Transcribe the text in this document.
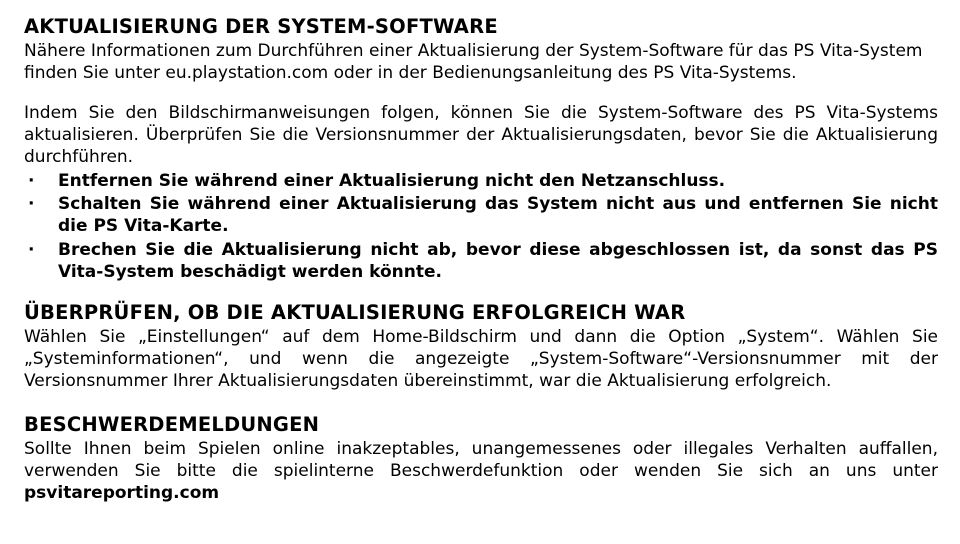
AKTUALISIERUNG DER SYSTEM-SOFTWARE

Nähere Informationen zum Durchführen einer Aktualisierung der System-Software für das PS Vita-System finden Sie unter eu.playstation.com oder in der Bedienungsanleitung des PS Vita-Systems.

Indem Sie den Bildschirmanweisungen folgen, können Sie die System-Software des PS Vita-Systems aktualisieren. Überprüfen Sie die Versionsnummer der Aktualisierungsdaten, bevor Sie die Aktualisierung durchführen.

· Entfernen Sie während einer Aktualisierung nicht den Netzanschluss.
· Schalten Sie während einer Aktualisierung das System nicht aus und entfernen Sie nicht die PS Vita-Karte.
· Brechen Sie die Aktualisierung nicht ab, bevor diese abgeschlossen ist, da sonst das PS Vita-System beschädigt werden könnte.
ÜBERPRÜFEN, OB DIE AKTUALISIERUNG ERFOLGREICH WAR

Wählen Sie „Einstellungen“ auf dem Home-Bildschirm und dann die Option „System“. Wählen Sie „Systeminformationen“, und wenn die angezeigte „System-Software“-Versionsnummer mit der Versionsnummer Ihrer Aktualisierungsdaten übereinstimmt, war die Aktualisierung erfolgreich.

BESCHWERDEMELDUNGEN

Sollte Ihnen beim Spielen online inakzeptables, unangemessenes oder illegales Verhalten auffallen, verwenden Sie bitte die spielinterne Beschwerdefunktion oder wenden Sie sich an uns unter psvitareporting.com
